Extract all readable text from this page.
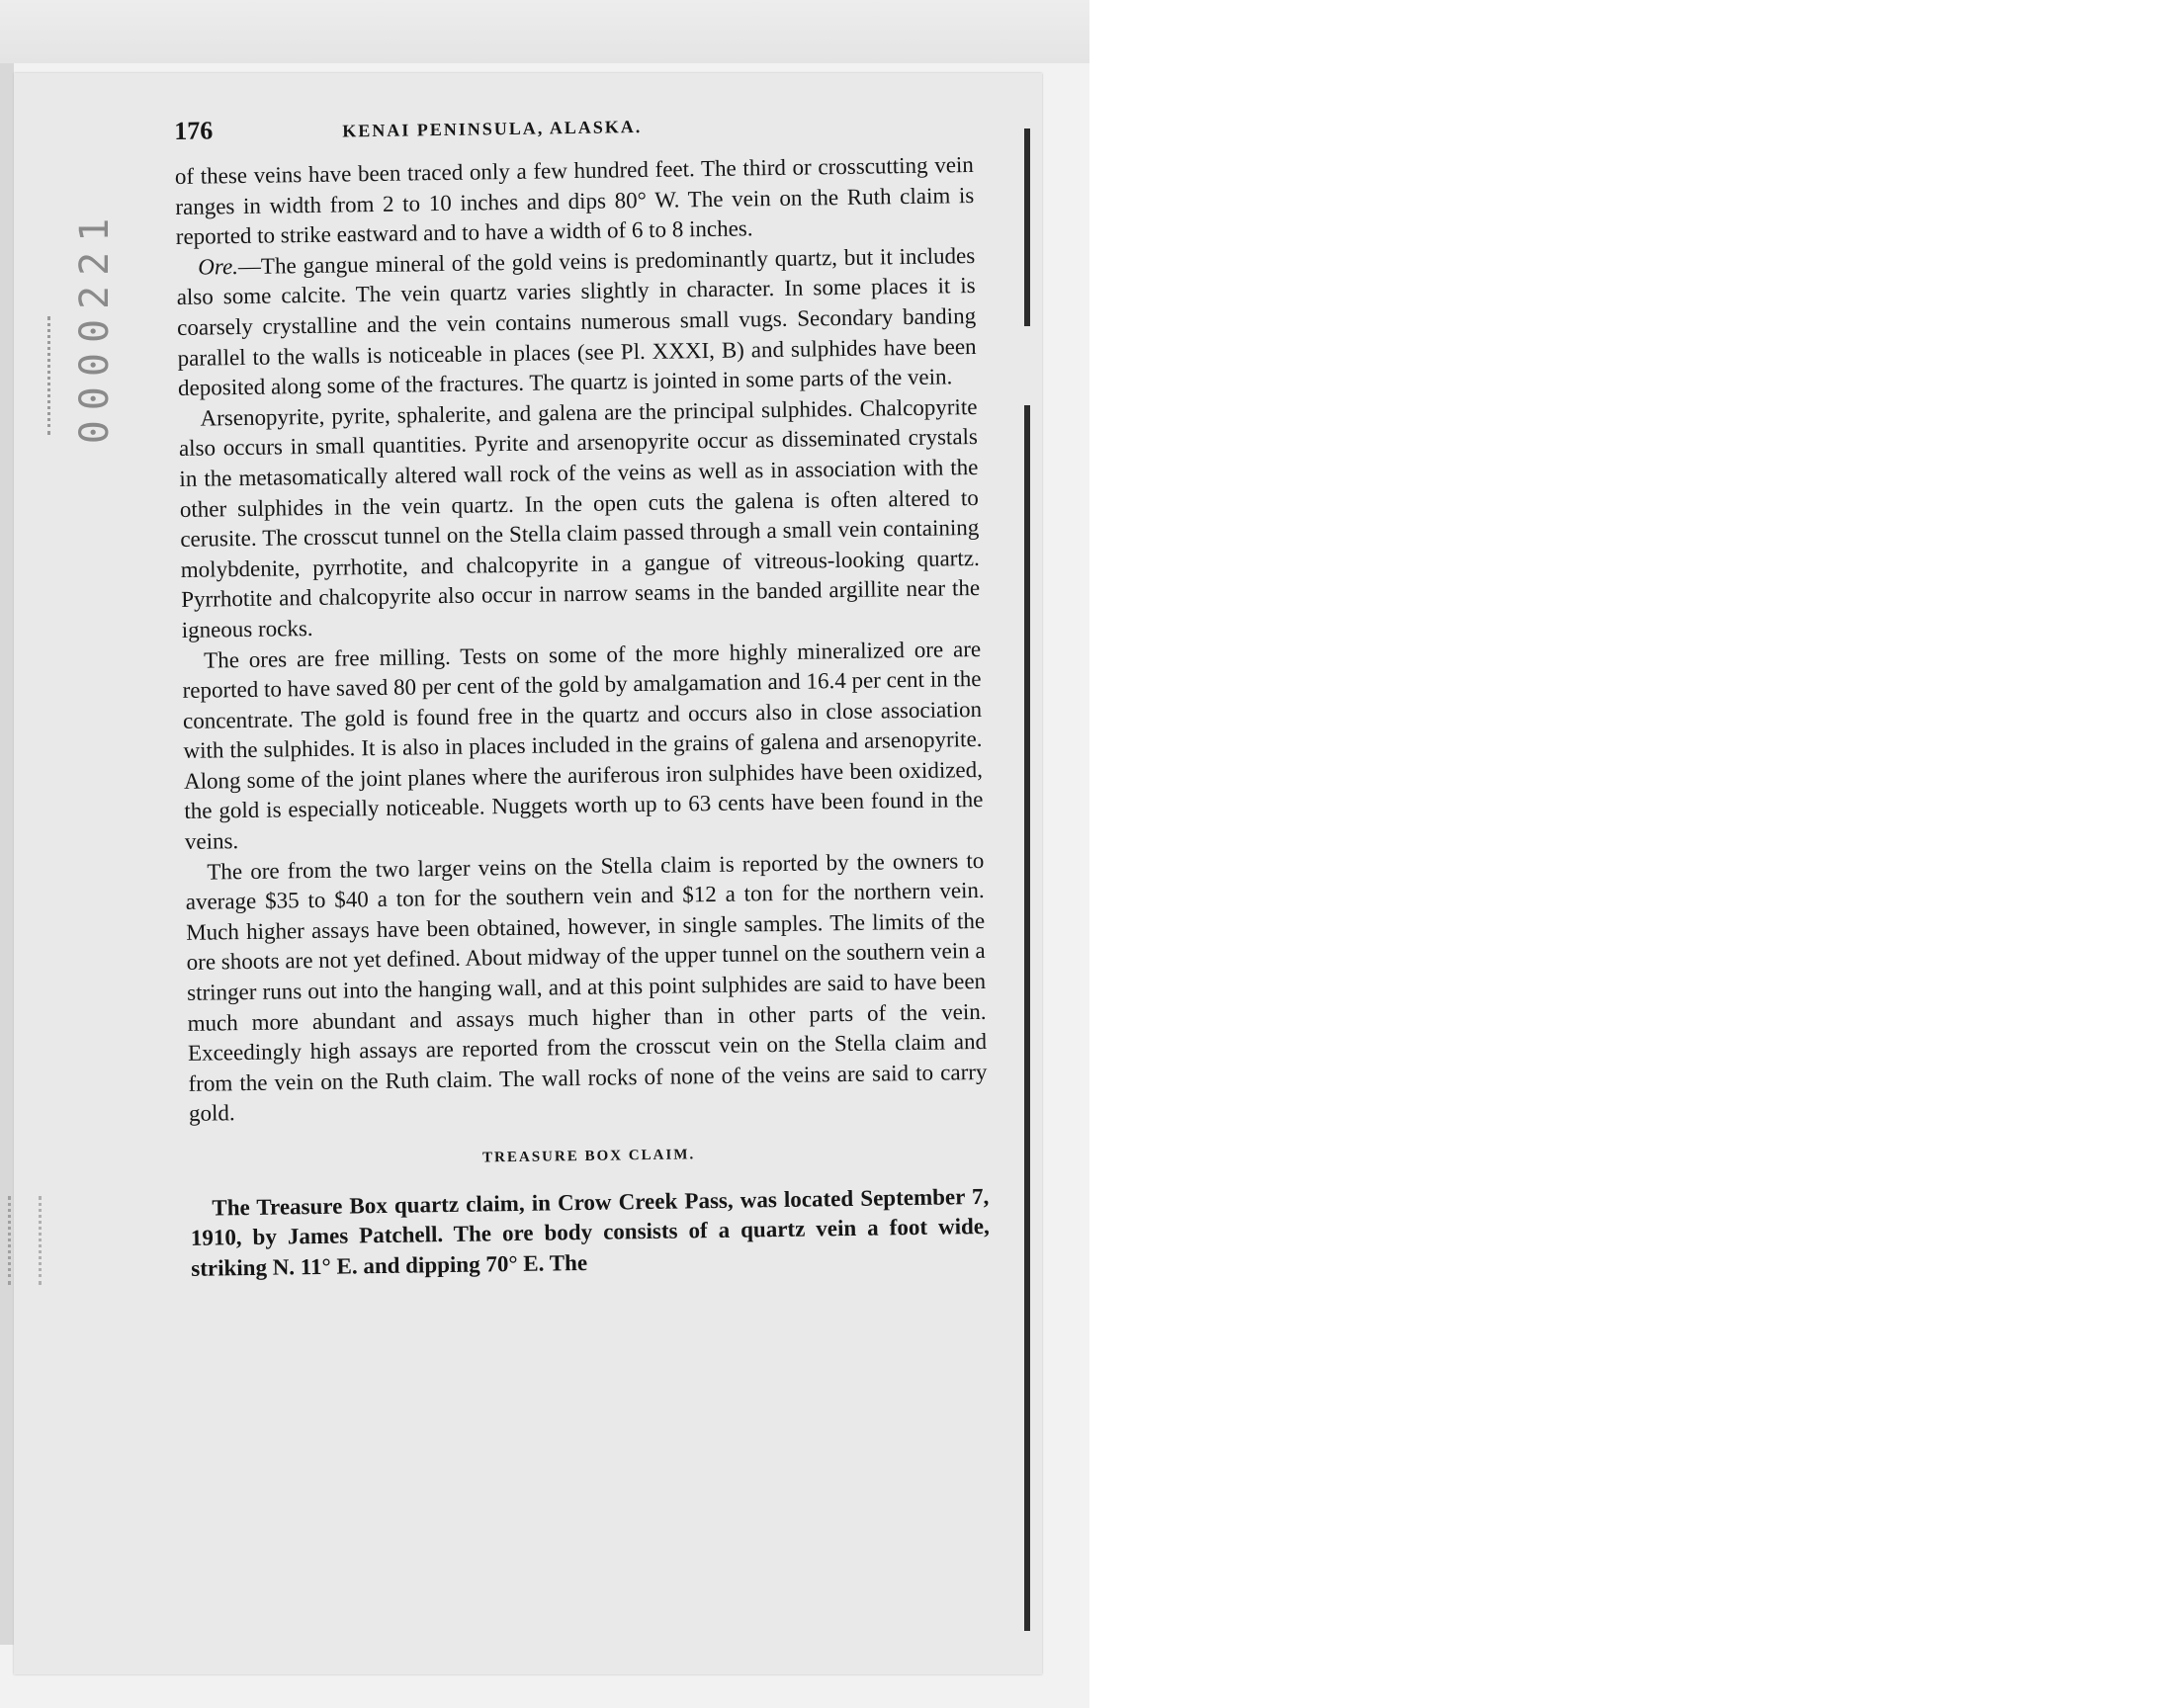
0000221
176	KENAI PENINSULA, ALASKA.

of these veins have been traced only a few hundred feet. The third or crosscutting vein ranges in width from 2 to 10 inches and dips 80° W. The vein on the Ruth claim is reported to strike eastward and to have a width of 6 to 8 inches.

Ore.—The gangue mineral of the gold veins is predominantly quartz, but it includes also some calcite. The vein quartz varies slightly in character. In some places it is coarsely crystalline and the vein contains numerous small vugs. Secondary banding parallel to the walls is noticeable in places (see Pl. XXXI, B) and sulphides have been deposited along some of the fractures. The quartz is jointed in some parts of the vein.

Arsenopyrite, pyrite, sphalerite, and galena are the principal sulphides. Chalcopyrite also occurs in small quantities. Pyrite and arsenopyrite occur as disseminated crystals in the metasomatically altered wall rock of the veins as well as in association with the other sulphides in the vein quartz. In the open cuts the galena is often altered to cerusite. The crosscut tunnel on the Stella claim passed through a small vein containing molybdenite, pyrrhotite, and chalcopyrite in a gangue of vitreous-looking quartz. Pyrrhotite and chalcopyrite also occur in narrow seams in the banded argillite near the igneous rocks.

The ores are free milling. Tests on some of the more highly mineralized ore are reported to have saved 80 per cent of the gold by amalgamation and 16.4 per cent in the concentrate. The gold is found free in the quartz and occurs also in close association with the sulphides. It is also in places included in the grains of galena and arsenopyrite. Along some of the joint planes where the auriferous iron sulphides have been oxidized, the gold is especially noticeable. Nuggets worth up to 63 cents have been found in the veins.

The ore from the two larger veins on the Stella claim is reported by the owners to average $35 to $40 a ton for the southern vein and $12 a ton for the northern vein. Much higher assays have been obtained, however, in single samples. The limits of the ore shoots are not yet defined. About midway of the upper tunnel on the southern vein a stringer runs out into the hanging wall, and at this point sulphides are said to have been much more abundant and assays much higher than in other parts of the vein. Exceedingly high assays are reported from the crosscut vein on the Stella claim and from the vein on the Ruth claim. The wall rocks of none of the veins are said to carry gold.

TREASURE BOX CLAIM.

The Treasure Box quartz claim, in Crow Creek Pass, was located September 7, 1910, by James Patchell. The ore body consists of a quartz vein a foot wide, striking N. 11° E. and dipping 70° E. The
